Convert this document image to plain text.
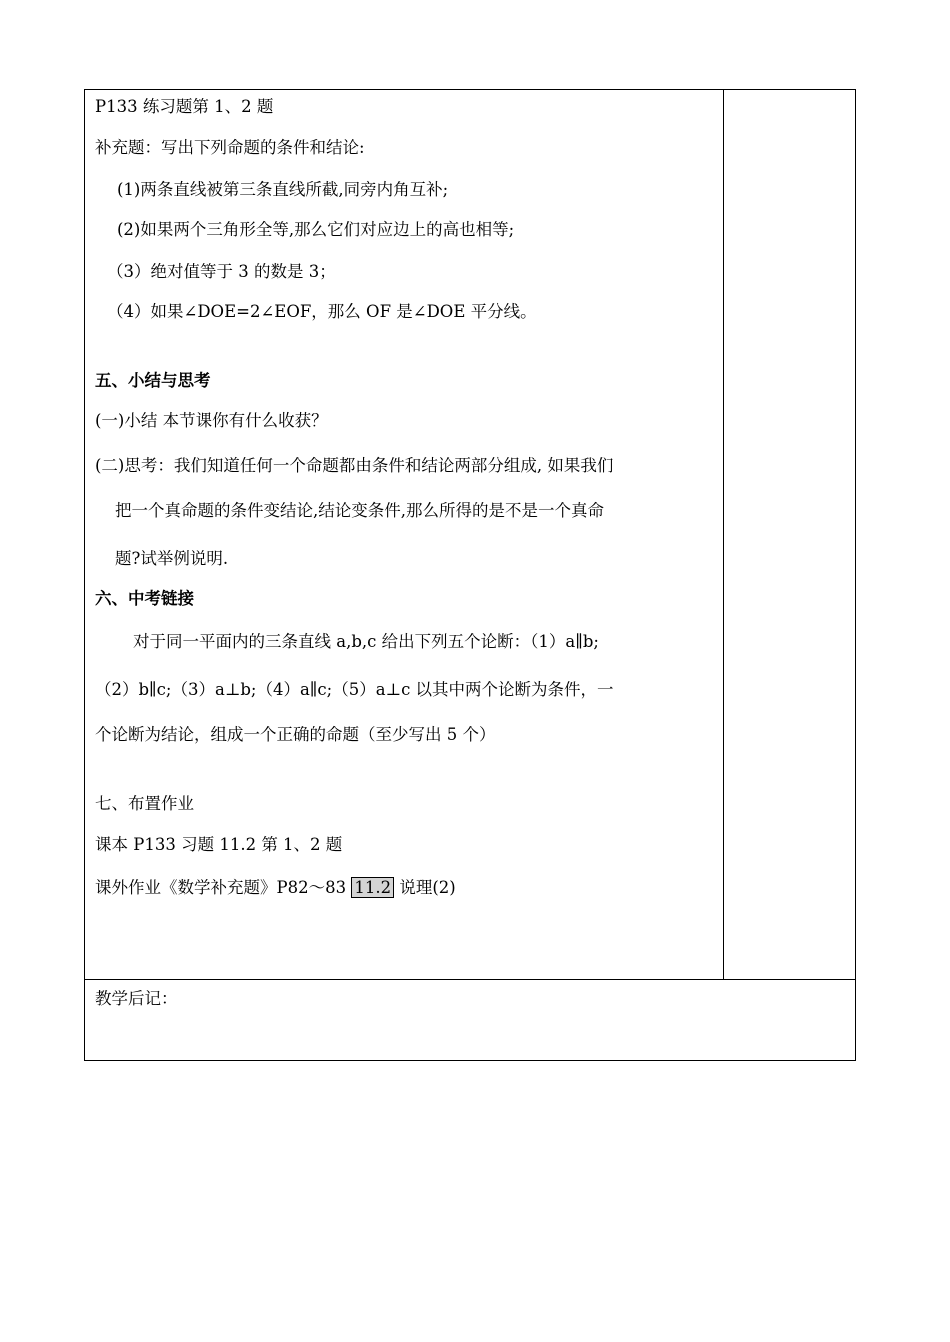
P133 练习题第 1、2 题
补充题：写出下列命题的条件和结论:
(1)两条直线被第三条直线所截,同旁内角互补;
(2)如果两个三角形全等,那么它们对应边上的高也相等;
（3）绝对值等于 3 的数是 3；
（4）如果∠DOE=2∠EOF，那么 OF 是∠DOE 平分线。
五、小结与思考
(一)小结 本节课你有什么收获？
(二)思考：我们知道任何一个命题都由条件和结论两部分组成, 如果我们
把一个真命题的条件变结论,结论变条件,那么所得的是不是一个真命
题?试举例说明.
六、中考链接
对于同一平面内的三条直线 a,b,c 给出下列五个论断：（1）a∥b;
（2）b∥c;（3）a⊥b;（4）a∥c;（5）a⊥c 以其中两个论断为条件，一
个论断为结论，组成一个正确的命题（至少写出 5 个）
七、布置作业
课本 P133 习题 11.2 第 1、2 题
课外作业《数学补充题》P82～83 11.2 说理(2)
教学后记：
